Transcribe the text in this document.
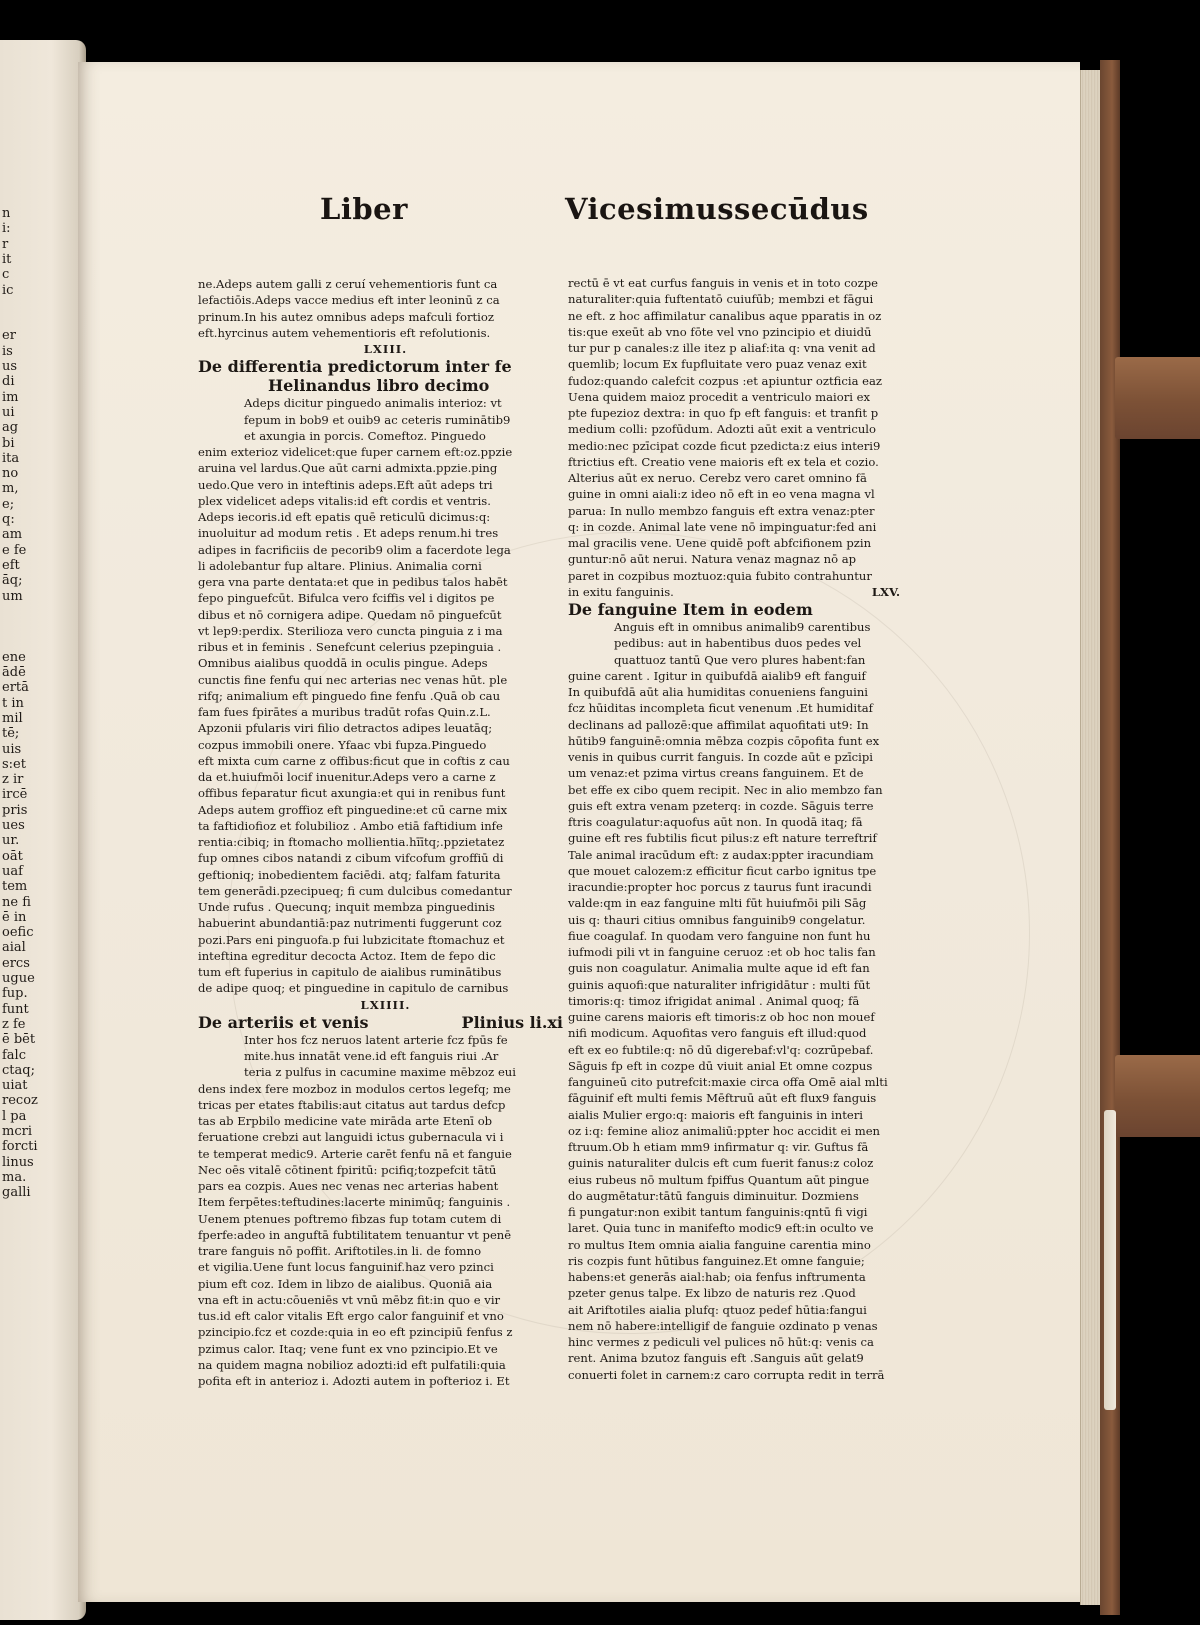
n
i:
r
it
c
ic
er
is
us
di
im
ui
ag
bi
ita
no
m,
e;
q:
am
e fe
eft
āq;
um
ene
ādē
ertā
t in
mil
tē;
uis
s:et
z ir
ircē
pris
ues
ur.
oāt
uaf
tem
ne fi
ē in
oefic
aial
ercs
ugue
fup.
funt
z fe
ē bēt
falc
ctaq;
uiat
recoz
l pa
mcri
forcti
linus
ma.
galli
Liber	Vicesimussecūdus
ne.Adeps autem galli z ceruí vehementioris funt ca
lefactiōis.Adeps vacce medius eft inter leoninū z ca
prinum.In his autez omnibus adeps mafculi fortioz
eft.hyrcinus autem vehementioris eft refolutionis.
LXIII.
De differentia predictorum inter fe
Helinandus libro decimo
Adeps dicitur pinguedo animalis interioz: vt
fepum in bob9 et ouib9 ac ceteris ruminātib9
et axungia in porcis. Comeftoz. Pinguedo
enim exterioz videlicet:que fuper carnem eft:oz.ppzie
aruina vel lardus.Que aūt carni admixta.ppzie.ping
uedo.Que vero in inteftinis adeps.Eft aūt adeps tri
plex videlicet adeps vitalis:id eft cordis et ventris.
Adeps iecoris.id eft epatis quē reticulū dicimus:q:
inuoluitur ad modum retis . Et adeps renum.hi tres
adipes in facrificiis de pecorib9 olim a facerdote lega
li adolebantur fup altare. Plinius. Animalia corni
gera vna parte dentata:et que in pedibus talos habēt
fepo pinguefcūt. Bifulca vero fciffis vel i digitos pe
dibus et nō cornigera adipe. Quedam nō pinguefcūt
vt lep9:perdix. Sterilioza vero cuncta pinguia z i ma
ribus et in feminis . Senefcunt celerius pzepinguia .
Omnibus aialibus quoddā in oculis pingue. Adeps
cunctis fine fenfu qui nec arterias nec venas hūt. ple
rifq; animalium eft pinguedo fine fenfu .Quā ob cau
fam fues fpirātes a muribus tradūt rofas Quin.z.L.
Apzonii pfularis viri filio detractos adipes leuatāq;
cozpus immobili onere. Yfaac vbi fupza.Pinguedo
eft mixta cum carne z offibus:ficut que in coftis z cau
da et.huiufmōi locif inuenitur.Adeps vero a carne z
offibus feparatur ficut axungia:et qui in renibus funt
Adeps autem groffioz eft pinguedine:et cū carne mix
ta faftidiofioz et folubilioz . Ambo etiā faftidium infe
rentia:cibiq; in ftomacho mollientia.hīītq;.ppzietatez
fup omnes cibos natandi z cibum vifcofum groffiū di
geftioniq; inobedientem faciēdi. atq; falfam faturita
tem generādi.pzecipueq; fi cum dulcibus comedantur
Unde rufus . Quecunq; inquit membza pinguedinis
habuerint abundantiā:paz nutrimenti fuggerunt coz
pozi.Pars eni pinguofa.p fui lubzicitate ftomachuz et
inteftina egreditur decocta Actoz. Item de fepo dic
tum eft fuperius in capitulo de aialibus ruminātibus
de adipe quoq; et pinguedine in capitulo de carnibus
LXIIII.
De arteriis et venis	Plinius li.xi
Inter hos fcz neruos latent arterie fcz fpūs fe
mite.hus innatāt vene.id eft fanguis riui .Ar
teria z pulfus in cacumine maxime mēbzoz eui
dens index fere mozboz in modulos certos legefq; me
tricas per etates ftabilis:aut citatus aut tardus defcp
tas ab Erpbilo medicine vate mirāda arte Etenī ob
feruatione crebzi aut languidi ictus gubernacula vi i
te temperat medic9. Arterie carēt fenfu nā et fanguie
Nec oēs vitalē cōtinent fpiritū: pcifiq;tozpefcit tātū
pars ea cozpis. Aues nec venas nec arterias habent
Item ferpētes:teftudines:lacerte minimūq; fanguinis .
Uenem ptenues poftremo fibzas fup totam cutem di
fperfe:adeo in anguftā fubtilitatem tenuantur vt penē
trare fanguis nō poffit. Ariftotiles.in li. de fomno
et vigilia.Uene funt locus fanguinif.haz vero pzinci
pium eft coz. Idem in libzo de aialibus. Quoniā aia
vna eft in actu:cōueniēs vt vnū mēbz fit:in quo e vir
tus.id eft calor vitalis Eft ergo calor fanguinif et vno
pzincipio.fcz et cozde:quia in eo eft pzincipiū fenfus z
pzimus calor. Itaq; vene funt ex vno pzincipio.Et ve
na quidem magna nobilioz adozti:id eft pulfatili:quia
pofita eft in anterioz i. Adozti autem in pofterioz i. Et
rectū ē vt eat curfus fanguis in venis et in toto cozpe
naturaliter:quia fuftentatō cuiufūb; membzi et fāgui
ne eft. z hoc affimilatur canalibus aque pparatis in oz
tis:que exeūt ab vno fōte vel vno pzincipio et diuidū
tur pur p canales:z ille itez p aliaf:ita q: vna venit ad
quemlib; locum Ex fupfluitate vero puaz venaz exit
fudoz:quando calefcit cozpus :et apiuntur oztficia eaz
Uena quidem maioz procedit a ventriculo maiori ex
pte fupezioz dextra: in quo fp eft fanguis: et tranfit p
medium colli: pzofūdum. Adozti aūt exit a ventriculo
medio:nec pzīcipat cozde ficut pzedicta:z eius interi9
ftrictius eft. Creatio vene maioris eft ex tela et cozio.
Alterius aūt ex neruo. Cerebz vero caret omnino fā
guine in omni aiali:z ideo nō eft in eo vena magna vl
parua: In nullo membzo fanguis eft extra venaz:pter
q: in cozde. Animal late vene nō impinguatur:fed ani
mal gracilis vene. Uene quidē poft abfcifionem pzin
guntur:nō aūt nerui. Natura venaz magnaz nō ap
paret in cozpibus moztuoz:quia fubito contrahuntur
in exitu fanguinis.	LXV.
De fanguine Item in eodem
Anguis eft in omnibus animalib9 carentibus
pedibus: aut in habentibus duos pedes vel
quattuoz tantū Que vero plures habent:fan
guine carent . Igitur in quibufdā aialib9 eft fanguif
In quibufdā aūt alia humiditas conueniens fanguini
fcz hūiditas incompleta ficut venenum .Et humiditaf
declinans ad pallozē:que affimilat aquofitati ut9: In
hūtib9 fanguinē:omnia mēbza cozpis cōpofita funt ex
venis in quibus currit fanguis. In cozde aūt e pzīcipi
um venaz:et pzima virtus creans fanguinem. Et de
bet effe ex cibo quem recipit. Nec in alio membzo fan
guis eft extra venam pzeterq: in cozde. Sāguis terre
ftris coagulatur:aquofus aūt non. In quodā itaq; fā
guine eft res fubtilis ficut pilus:z eft nature terreftrif
Tale animal iracūdum eft: z audax:ppter iracundiam
que mouet calozem:z efficitur ficut carbo ignitus tpe
iracundie:propter hoc porcus z taurus funt iracundi
valde:qm in eaz fanguine mlti fūt huiufmōi pili Sāg
uis q: thauri citius omnibus fanguinib9 congelatur.
fiue coagulaf. In quodam vero fanguine non funt hu
iufmodi pili vt in fanguine ceruoz :et ob hoc talis fan
guis non coagulatur. Animalia multe aque id eft fan
guinis aquofi:que naturaliter infrigidātur : multi fūt
timoris:q: timoz ifrigidat animal . Animal quoq; fā
guine carens maioris eft timoris:z ob hoc non mouef
nifi modicum. Aquofitas vero fanguis eft illud:quod
eft ex eo fubtile:q: nō dū digerebaf:vl'q: cozrūpebaf.
Sāguis fp eft in cozpe dū viuit anial Et omne cozpus
fanguineū cito putrefcit:maxie circa offa Omē aial mlti
fāguinif eft multi femis Mēftruū aūt eft flux9 fanguis
aialis Mulier ergo:q: maioris eft fanguinis in interi
oz i:q: femine alioz animaliū:ppter hoc accidit ei men
ftruum.Ob h etiam mm9 infirmatur q: vir. Guftus fā
guinis naturaliter dulcis eft cum fuerit fanus:z coloz
eius rubeus nō multum fpiffus Quantum aūt pingue
do augmētatur:tātū fanguis diminuitur. Dozmiens
fi pungatur:non exibit tantum fanguinis:qntū fi vigi
laret. Quia tunc in manifefto modic9 eft:in oculto ve
ro multus Item omnia aialia fanguine carentia mino
ris cozpis funt hūtibus fanguinez.Et omne fanguie;
habens:et generās aial:hab; oia fenfus inftrumenta
pzeter genus talpe. Ex libzo de naturis rez .Quod
ait Ariftotiles aialia plufq: qtuoz pedef hūtia:fangui
nem nō habere:intelligif de fanguie ozdinato p venas
hinc vermes z pediculi vel pulices nō hūt:q: venis ca
rent. Anima bzutoz fanguis eft .Sanguis aūt gelat9
conuerti folet in carnem:z caro corrupta redit in terrā
